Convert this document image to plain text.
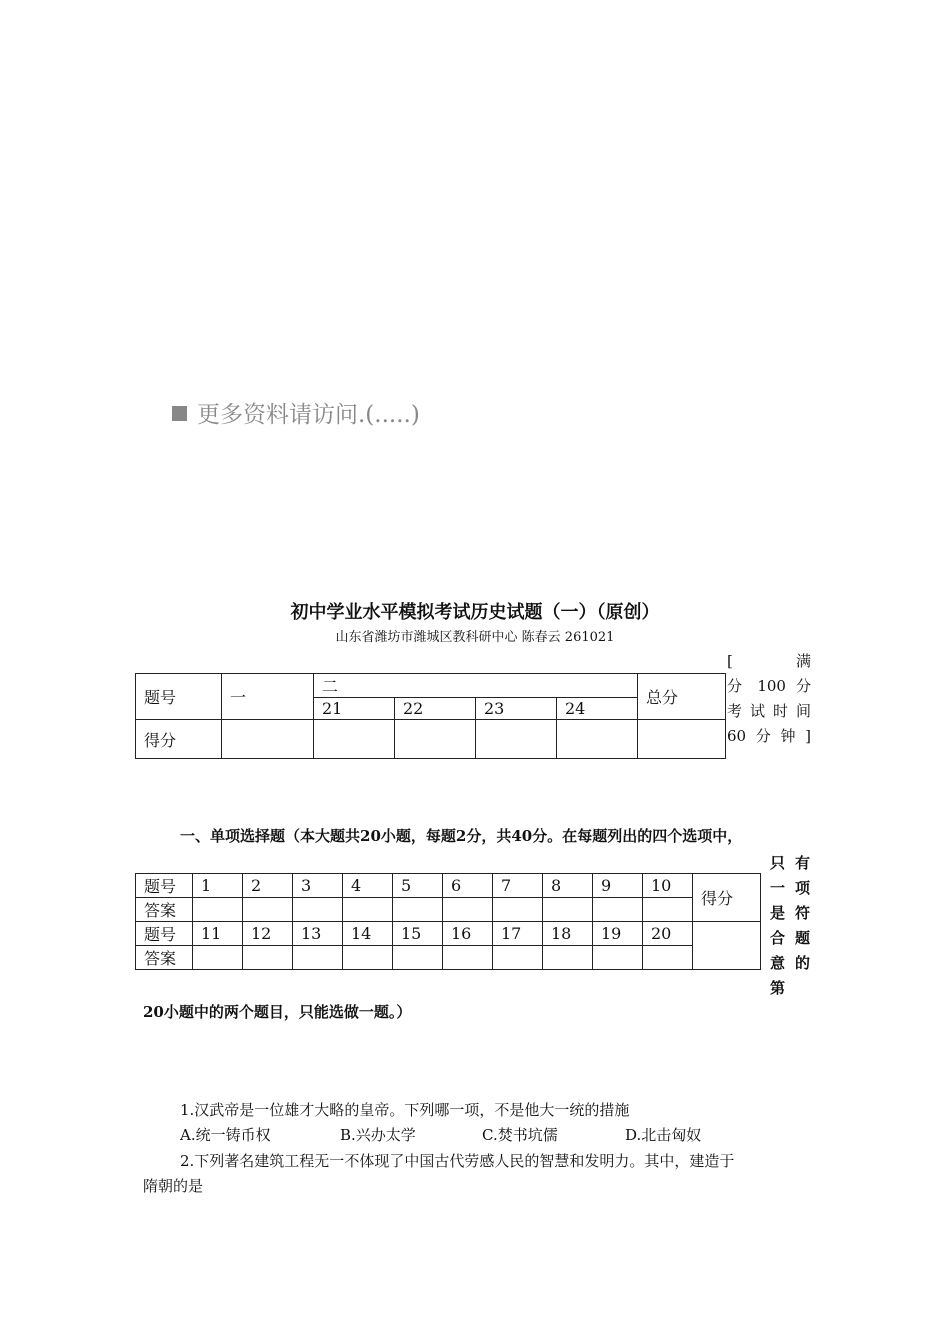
更多资料请访问.(.....)
初中学业水平模拟考试历史试题（一）（原创）
山东省潍坊市潍城区教科研中心 陈春云 261021
题号	一	二				总分
		21	22	23	24	
得分						
[ 满
分 100 分
考试时间
60分钟]
一、单项选择题（本大题共20小题，每题2分，共40分。在每题列出的四个选项中，
只有
一项
是符
合题
意的
第
题号	1	2	3	4	5	6	7	8	9	10	得分
答案											
题号	11	12	13	14	15	16	17	18	19	20	
答案											
20小题中的两个题目，只能选做一题。）
1.汉武帝是一位雄才大略的皇帝。下列哪一项，不是他大一统的措施
A.统一铸币权	B.兴办太学	C.焚书坑儒	D.北击匈奴
2.下列著名建筑工程无一不体现了中国古代劳感人民的智慧和发明力。其中，建造于
隋朝的是
